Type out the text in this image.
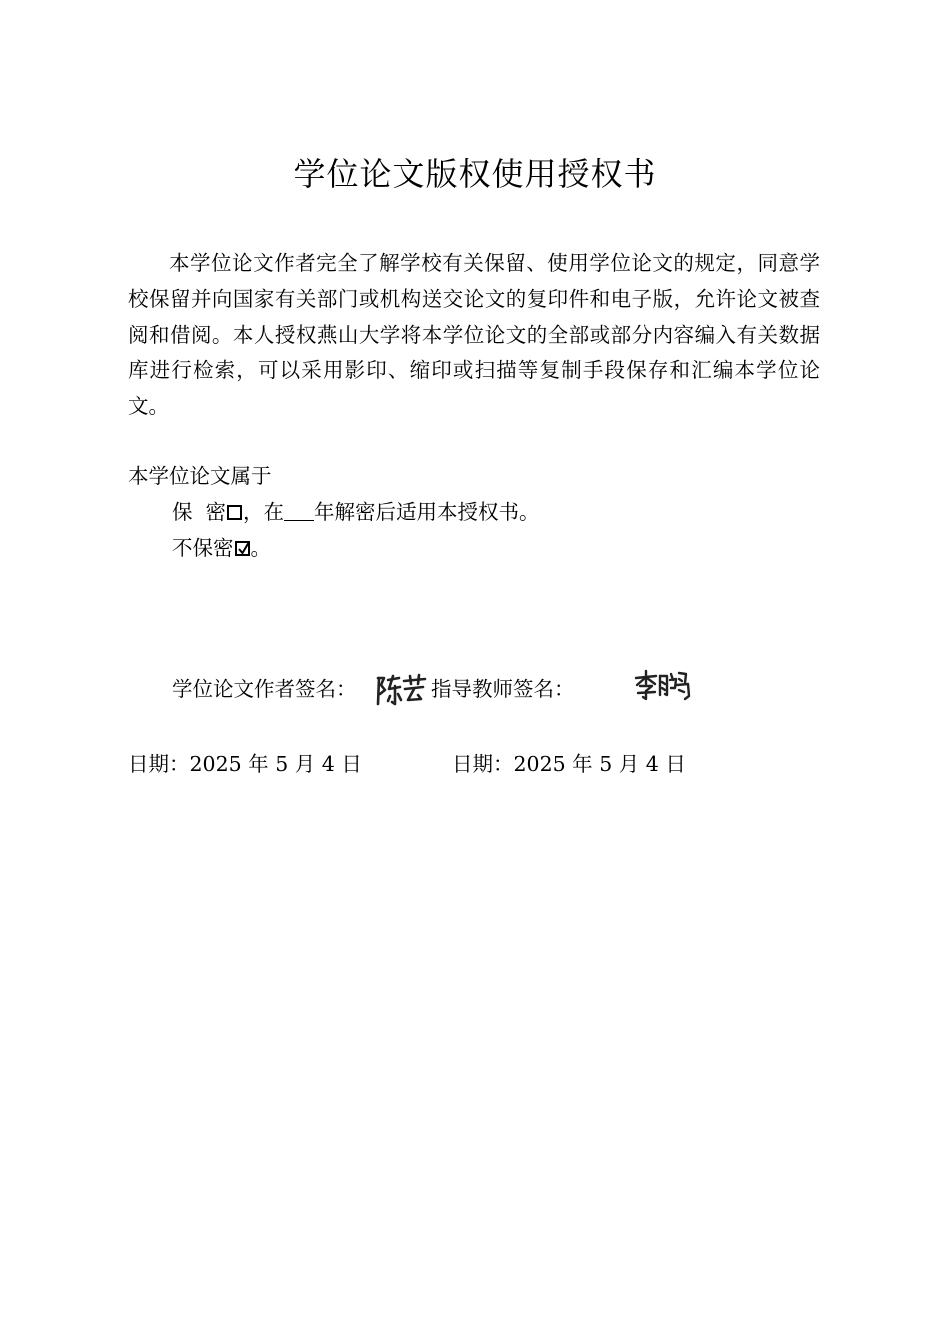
学位论文版权使用授权书

本学位论文作者完全了解学校有关保留、使用学位论文的规定，同意学校保留并向国家有关部门或机构送交论文的复印件和电子版，允许论文被查阅和借阅。本人授权燕山大学将本学位论文的全部或部分内容编入有关数据库进行检索，可以采用影印、缩印或扫描等复制手段保存和汇编本学位论文。

本学位论文属于
保  密 ，在 年解密后适用本授权书。
不保密 。
学位论文作者签名：	指导教师签名：
日期：2025 年 5 月 4 日	日期：2025 年 5 月 4 日
